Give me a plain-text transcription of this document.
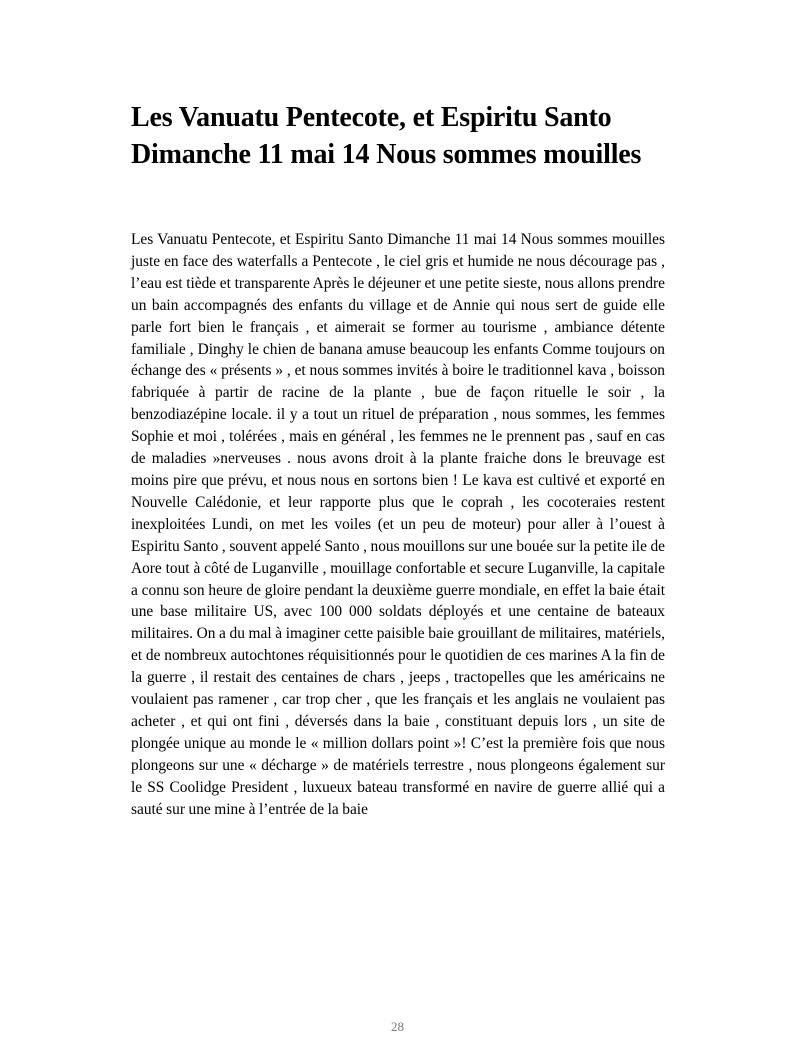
Les Vanuatu Pentecote, et Espiritu Santo Dimanche 11 mai 14 Nous sommes mouilles

Les Vanuatu Pentecote, et Espiritu Santo Dimanche 11 mai 14 Nous sommes mouilles juste en face des waterfalls a Pentecote , le ciel gris et humide ne nous décourage pas , l’eau est tiède et transparente Après le déjeuner et une petite sieste, nous allons prendre un bain accompagnés des enfants du village et de Annie qui nous sert de guide elle parle fort bien le français , et aimerait se former au tourisme , ambiance détente familiale , Dinghy le chien de banana amuse beaucoup les enfants Comme toujours on échange des « présents » , et nous sommes invités à boire le traditionnel kava , boisson fabriquée à partir de racine de la plante , bue de façon rituelle le soir , la benzodiazépine locale. il y a tout un rituel de préparation , nous sommes, les femmes Sophie et moi , tolérées , mais en général , les femmes ne le prennent pas , sauf en cas de maladies »nerveuses . nous avons droit à la plante fraiche dons le breuvage est moins pire que prévu, et nous nous en sortons bien ! Le kava est cultivé et exporté en Nouvelle Calédonie, et leur rapporte plus que le coprah , les cocoteraies restent inexploitées Lundi, on met les voiles (et un peu de moteur) pour aller à l’ouest à Espiritu Santo , souvent appelé Santo , nous mouillons sur une bouée sur la petite ile de Aore tout à côté de Luganville , mouillage confortable et secure Luganville, la capitale a connu son heure de gloire pendant la deuxième guerre mondiale, en effet la baie était une base militaire US, avec 100 000 soldats déployés et une centaine de bateaux militaires. On a du mal à imaginer cette paisible baie grouillant de militaires, matériels, et de nombreux autochtones réquisitionnés pour le quotidien de ces marines A la fin de la guerre , il restait des centaines de chars , jeeps , tractopelles que les américains ne voulaient pas ramener , car trop cher , que les français et les anglais ne voulaient pas acheter , et qui ont fini , déversés dans la baie , constituant depuis lors , un site de plongée unique au monde le « million dollars point »! C’est la première fois que nous plongeons sur une « décharge » de matériels terrestre , nous plongeons également sur le SS Coolidge President , luxueux bateau transformé en navire de guerre allié qui a sauté sur une mine à l’entrée de la baie

28
